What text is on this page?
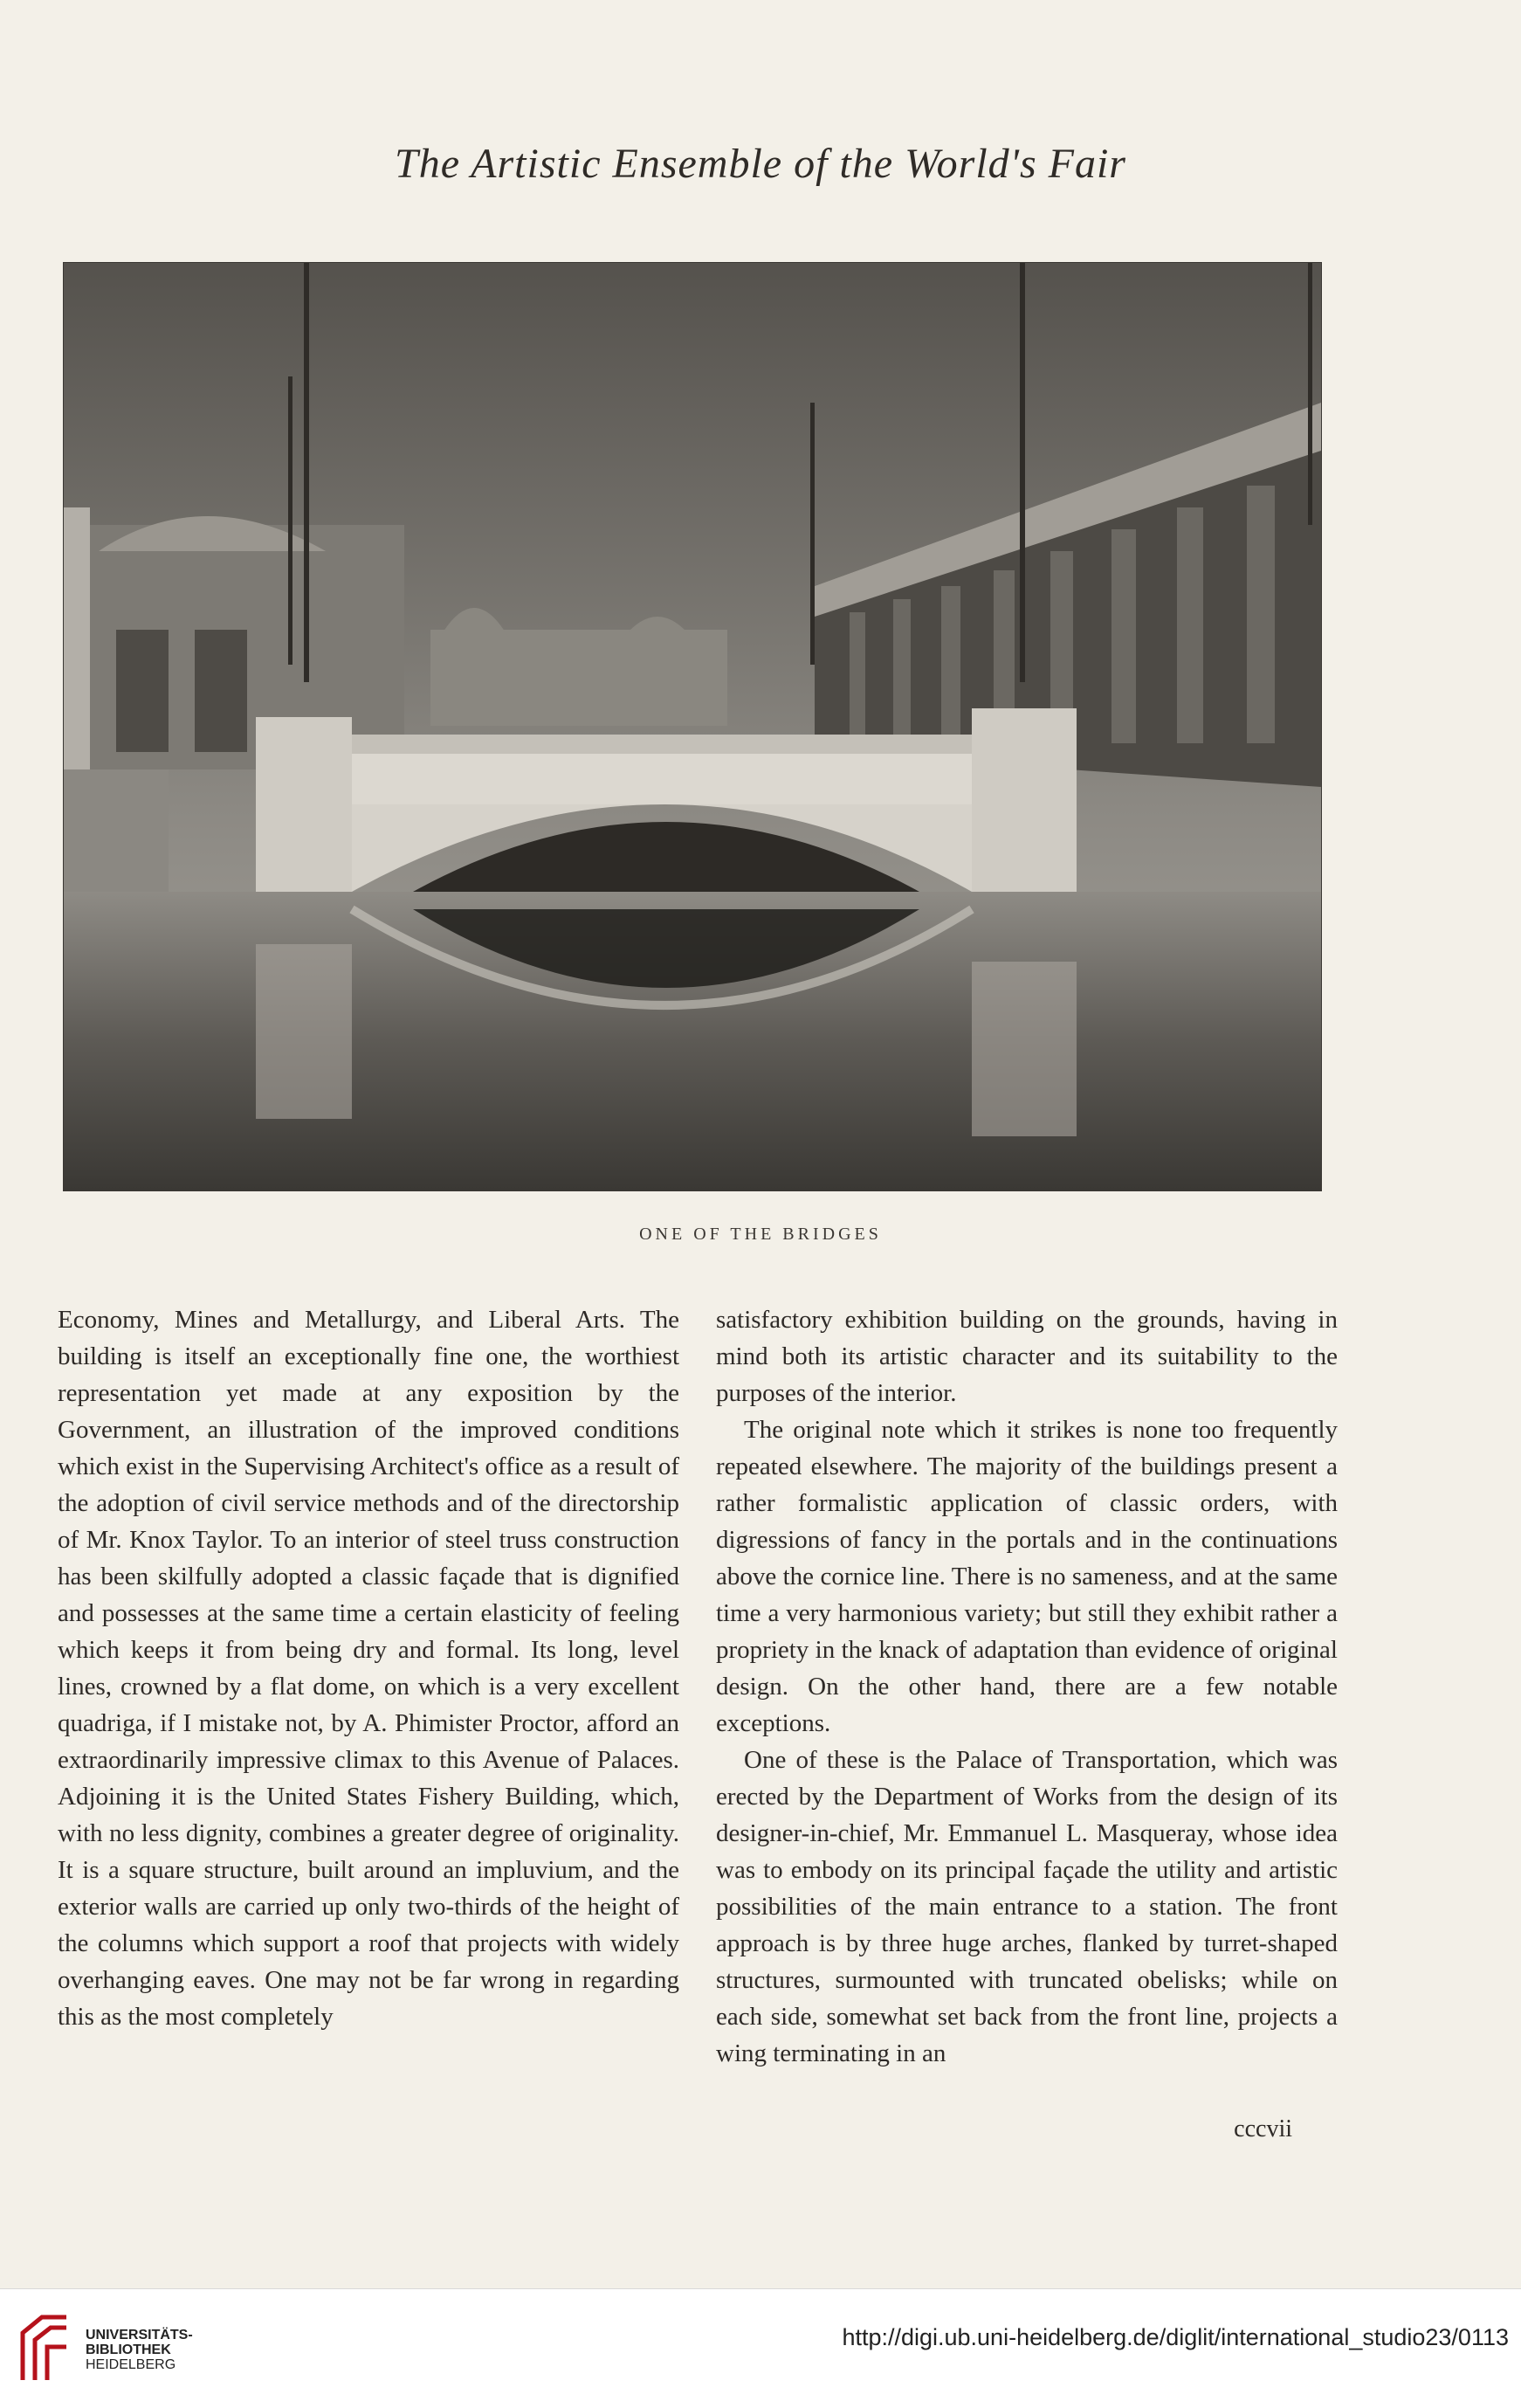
The Artistic Ensemble of the World's Fair
ONE OF THE BRIDGES

Economy, Mines and Metallurgy, and Liberal Arts. The building is itself an exceptionally fine one, the worthiest representation yet made at any exposition by the Government, an illustration of the improved conditions which exist in the Supervising Architect's office as a result of the adoption of civil service methods and of the directorship of Mr. Knox Taylor. To an interior of steel truss construction has been skilfully adopted a classic façade that is dignified and possesses at the same time a certain elasticity of feeling which keeps it from being dry and formal. Its long, level lines, crowned by a flat dome, on which is a very excellent quadriga, if I mistake not, by A. Phimister Proctor, afford an extraordinarily impressive climax to this Avenue of Palaces. Adjoining it is the United States Fishery Building, which, with no less dignity, combines a greater degree of originality. It is a square structure, built around an impluvium, and the exterior walls are carried up only two-thirds of the height of the columns which support a roof that projects with widely overhanging eaves. One may not be far wrong in regarding this as the most completely

satisfactory exhibition building on the grounds, having in mind both its artistic character and its suitability to the purposes of the interior.

The original note which it strikes is none too frequently repeated elsewhere. The majority of the buildings present a rather formalistic application of classic orders, with digressions of fancy in the portals and in the continuations above the cornice line. There is no sameness, and at the same time a very harmonious variety; but still they exhibit rather a propriety in the knack of adaptation than evidence of original design. On the other hand, there are a few notable exceptions.

One of these is the Palace of Transportation, which was erected by the Department of Works from the design of its designer-in-chief, Mr. Emmanuel L. Masqueray, whose idea was to embody on its principal façade the utility and artistic possibilities of the main entrance to a station. The front approach is by three huge arches, flanked by turret-shaped structures, surmounted with truncated obelisks; while on each side, somewhat set back from the front line, projects a wing terminating in an

cccvii
UNIVERSITÄTS-
BIBLIOTHEK
HEIDELBERG
http://digi.ub.uni-heidelberg.de/diglit/international_studio23/0113
